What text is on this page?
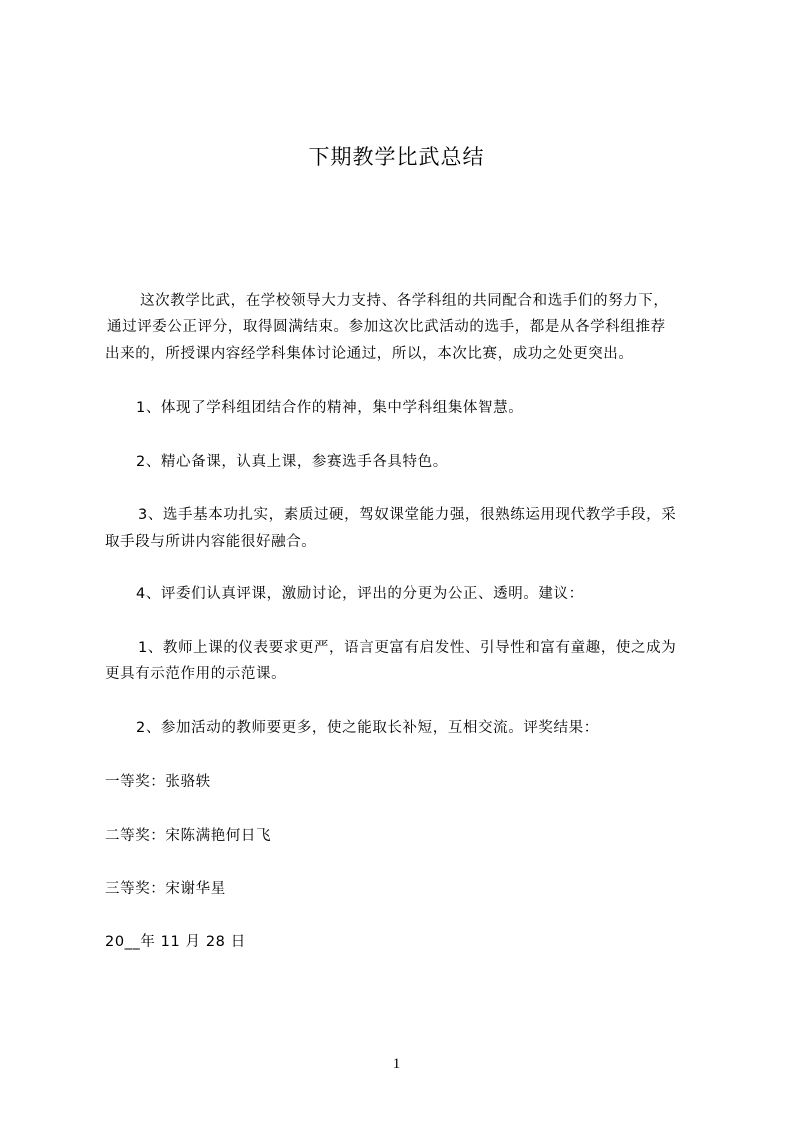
下期教学比武总结
这次教学比武，在学校领导大力支持、各学科组的共同配合和选手们的努力下，
通过评委公正评分，取得圆满结束。参加这次比武活动的选手，都是从各学科组推荐
出来的，所授课内容经学科集体讨论通过，所以，本次比赛，成功之处更突出。
1、体现了学科组团结合作的精神，集中学科组集体智慧。
2、精心备课，认真上课，参赛选手各具特色。
3、选手基本功扎实，素质过硬，驾奴课堂能力强，很熟练运用现代教学手段，采
取手段与所讲内容能很好融合。
4、评委们认真评课，激励讨论，评出的分更为公正、透明。建议：
1、教师上课的仪表要求更严，语言更富有启发性、引导性和富有童趣，使之成为
更具有示范作用的示范课。
2、参加活动的教师要更多，使之能取长补短，互相交流。评奖结果：
一等奖：张骆轶
二等奖：宋陈满艳何日飞
三等奖：宋谢华星
20__年 11 月 28 日
1
